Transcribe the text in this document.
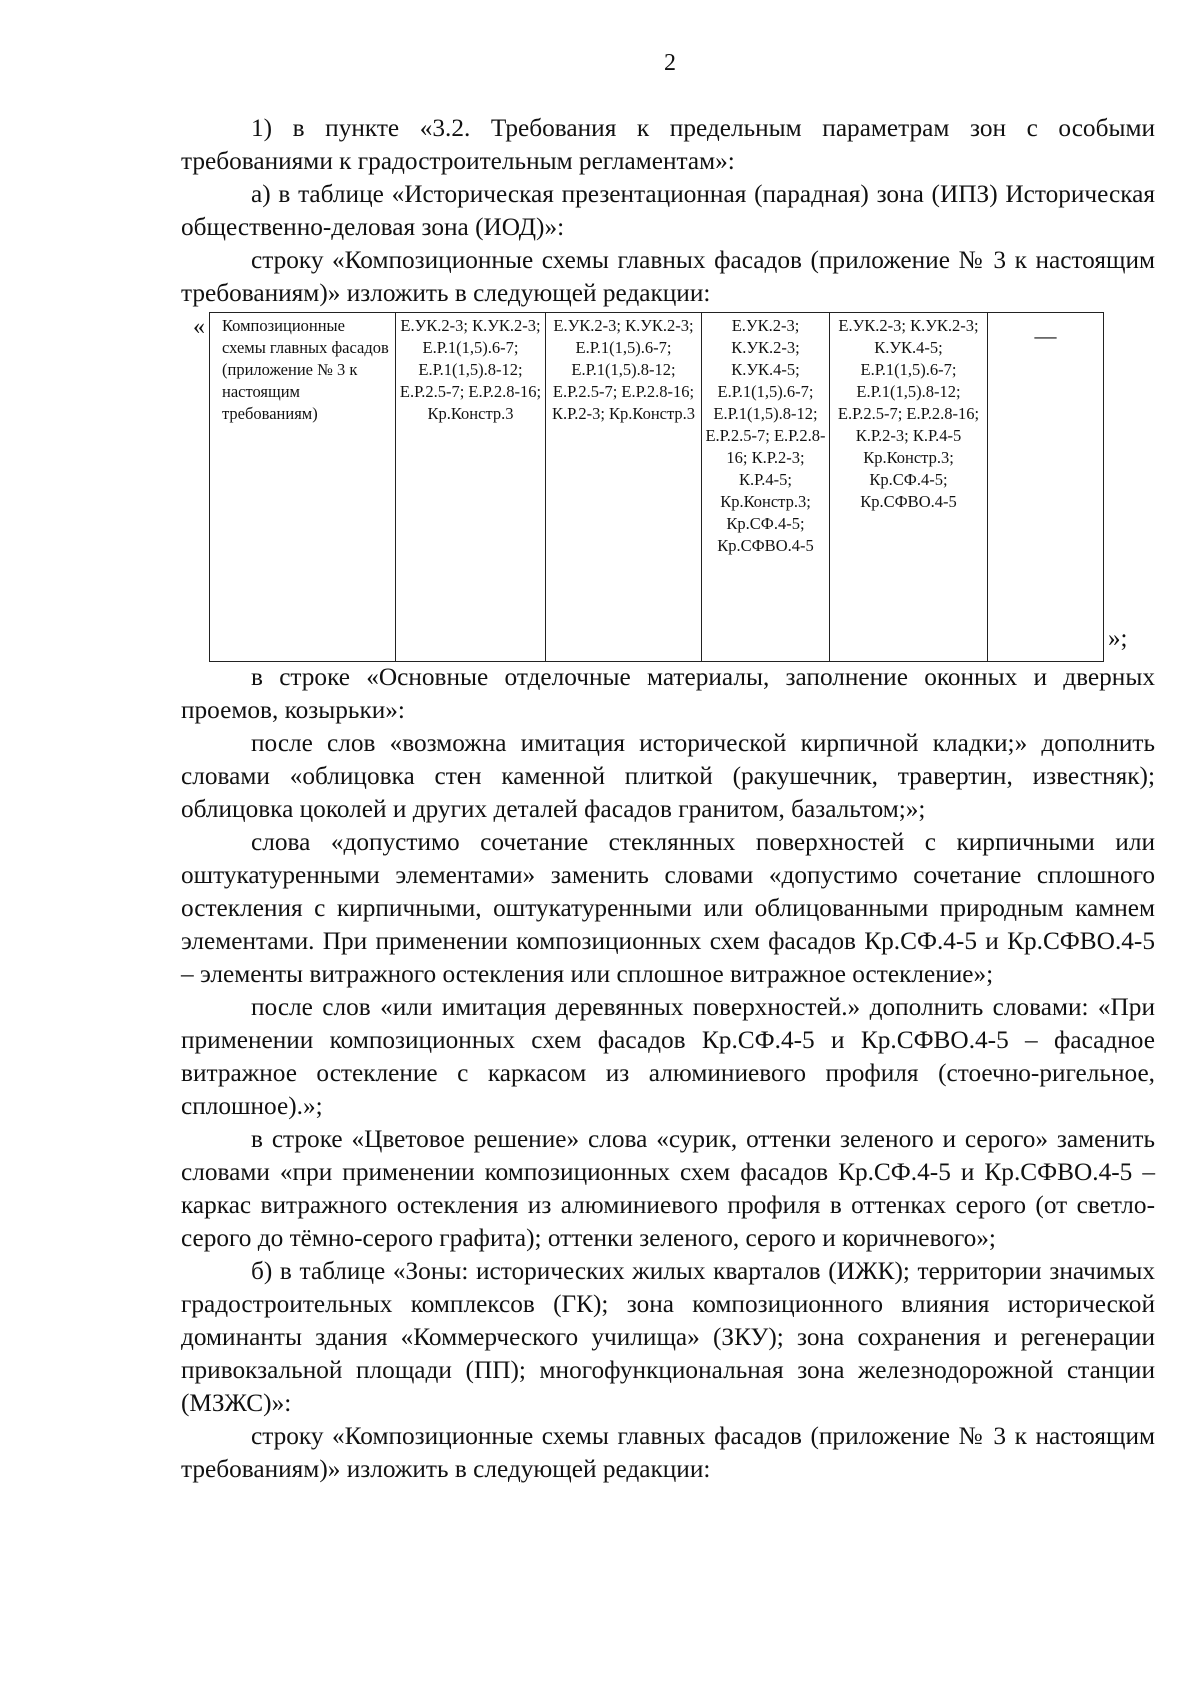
2

1) в пункте «3.2. Требования к предельным параметрам зон с особыми требованиями к градостроительным регламентам»:

а) в таблице «Историческая презентационная (парадная) зона (ИПЗ) Историческая общественно-деловая зона (ИОД)»:

строку «Композиционные схемы главных фасадов (приложение № 3 к настоящим требованиям)» изложить в следующей редакции:

« Композиционные схемы главных фасадов (приложение № 3 к настоящим требованиям)	Е.УК.2-3; К.УК.2-3; Е.Р.1(1,5).6-7; Е.Р.1(1,5).8-12; Е.Р.2.5-7; Е.Р.2.8-16; Кр.Констр.3	Е.УК.2-3; К.УК.2-3; Е.Р.1(1,5).6-7; Е.Р.1(1,5).8-12; Е.Р.2.5-7; Е.Р.2.8-16; К.Р.2-3; Кр.Констр.3	Е.УК.2-3; К.УК.2-3; К.УК.4-5; Е.Р.1(1,5).6-7; Е.Р.1(1,5).8-12; Е.Р.2.5-7; Е.Р.2.8-16; К.Р.2-3; К.Р.4-5; Кр.Констр.3; Кр.СФ.4-5; Кр.СФВО.4-5	Е.УК.2-3; К.УК.2-3; К.УК.4-5; Е.Р.1(1,5).6-7; Е.Р.1(1,5).8-12; Е.Р.2.5-7; Е.Р.2.8-16; К.Р.2-3; К.Р.4-5 Кр.Констр.3; Кр.СФ.4-5; Кр.СФВО.4-5	—
»;

в строке «Основные отделочные материалы, заполнение оконных и дверных проемов, козырьки»:

после слов «возможна имитация исторической кирпичной кладки;» дополнить словами «облицовка стен каменной плиткой (ракушечник, травертин, известняк); облицовка цоколей и других деталей фасадов гранитом, базальтом;»;

слова «допустимо сочетание стеклянных поверхностей с кирпичными или оштукатуренными элементами» заменить словами «допустимо сочетание сплошного остекления с кирпичными, оштукатуренными или облицованными природным камнем элементами. При применении композиционных схем фасадов Кр.СФ.4-5 и Кр.СФВО.4-5 – элементы витражного остекления или сплошное витражное остекление»;

после слов «или имитация деревянных поверхностей.» дополнить словами: «При применении композиционных схем фасадов Кр.СФ.4-5 и Кр.СФВО.4-5 – фасадное витражное остекление с каркасом из алюминиевого профиля (стоечно-ригельное, сплошное).»;

в строке «Цветовое решение» слова «сурик, оттенки зеленого и серого» заменить словами «при применении композиционных схем фасадов Кр.СФ.4-5 и Кр.СФВО.4-5 – каркас витражного остекления из алюминиевого профиля в оттенках серого (от светло-серого до тёмно-серого графита); оттенки зеленого, серого и коричневого»;

б) в таблице «Зоны: исторических жилых кварталов (ИЖК); территории значимых градостроительных комплексов (ГК); зона композиционного влияния исторической доминанты здания «Коммерческого училища» (ЗКУ); зона сохранения и регенерации привокзальной площади (ПП); многофункциональная зона железнодорожной станции (МЗЖС)»:

строку «Композиционные схемы главных фасадов (приложение № 3 к настоящим требованиям)» изложить в следующей редакции:
